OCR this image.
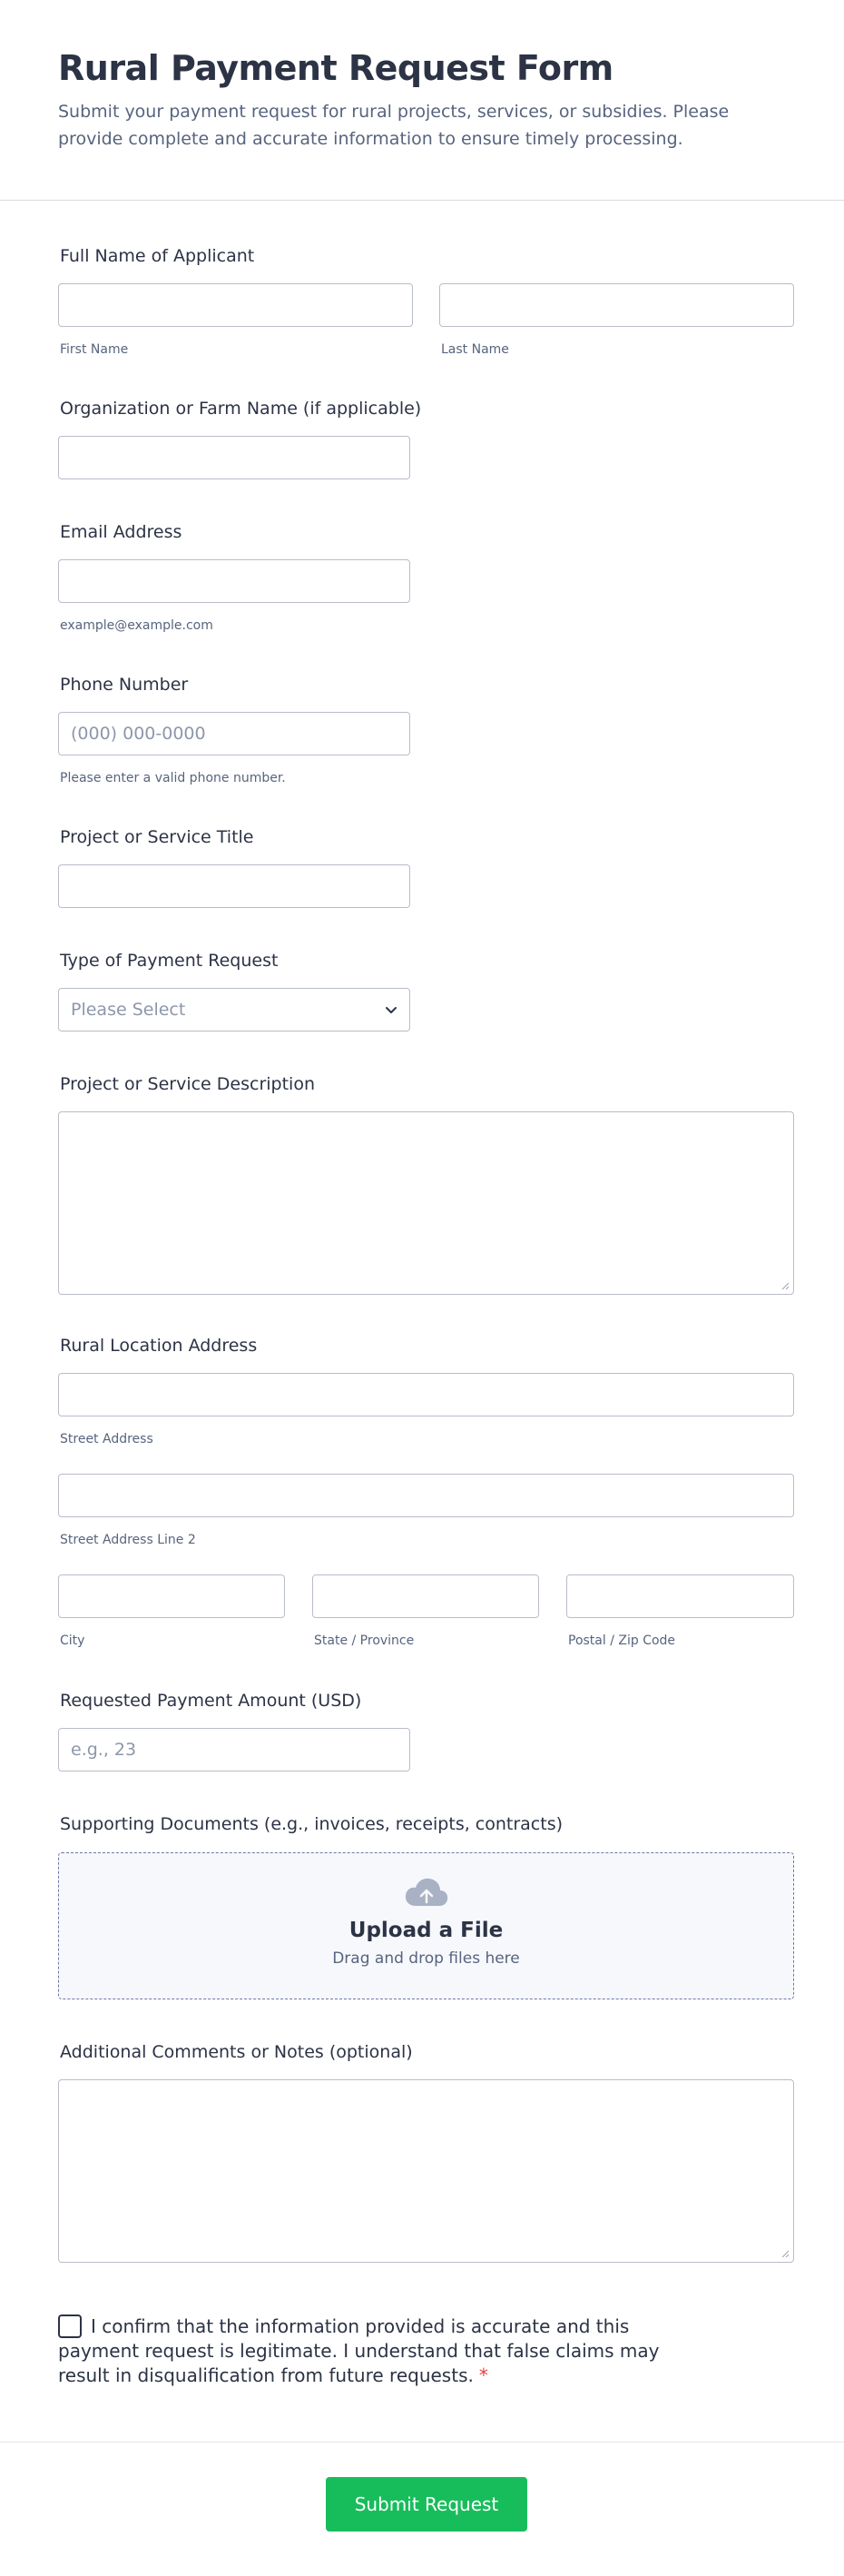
Rural Payment Request Form

Submit your payment request for rural projects, services, or subsidies. Please provide complete and accurate information to ensure timely processing.

Full Name of Applicant
First Name	Last Name
Organization or Farm Name (if applicable)
Email Address
example@example.com
Phone Number
(000) 000-0000
Please enter a valid phone number.
Project or Service Title
Type of Payment Request
Please Select
Project or Service Description
Rural Location Address
Street Address
Street Address Line 2
City	State / Province	Postal / Zip Code
Requested Payment Amount (USD)
e.g., 23
Supporting Documents (e.g., invoices, receipts, contracts)
Upload a File
Drag and drop files here
Additional Comments or Notes (optional)
I confirm that the information provided is accurate and this payment request is legitimate. I understand that false claims may result in disqualification from future requests. *
Submit Request
